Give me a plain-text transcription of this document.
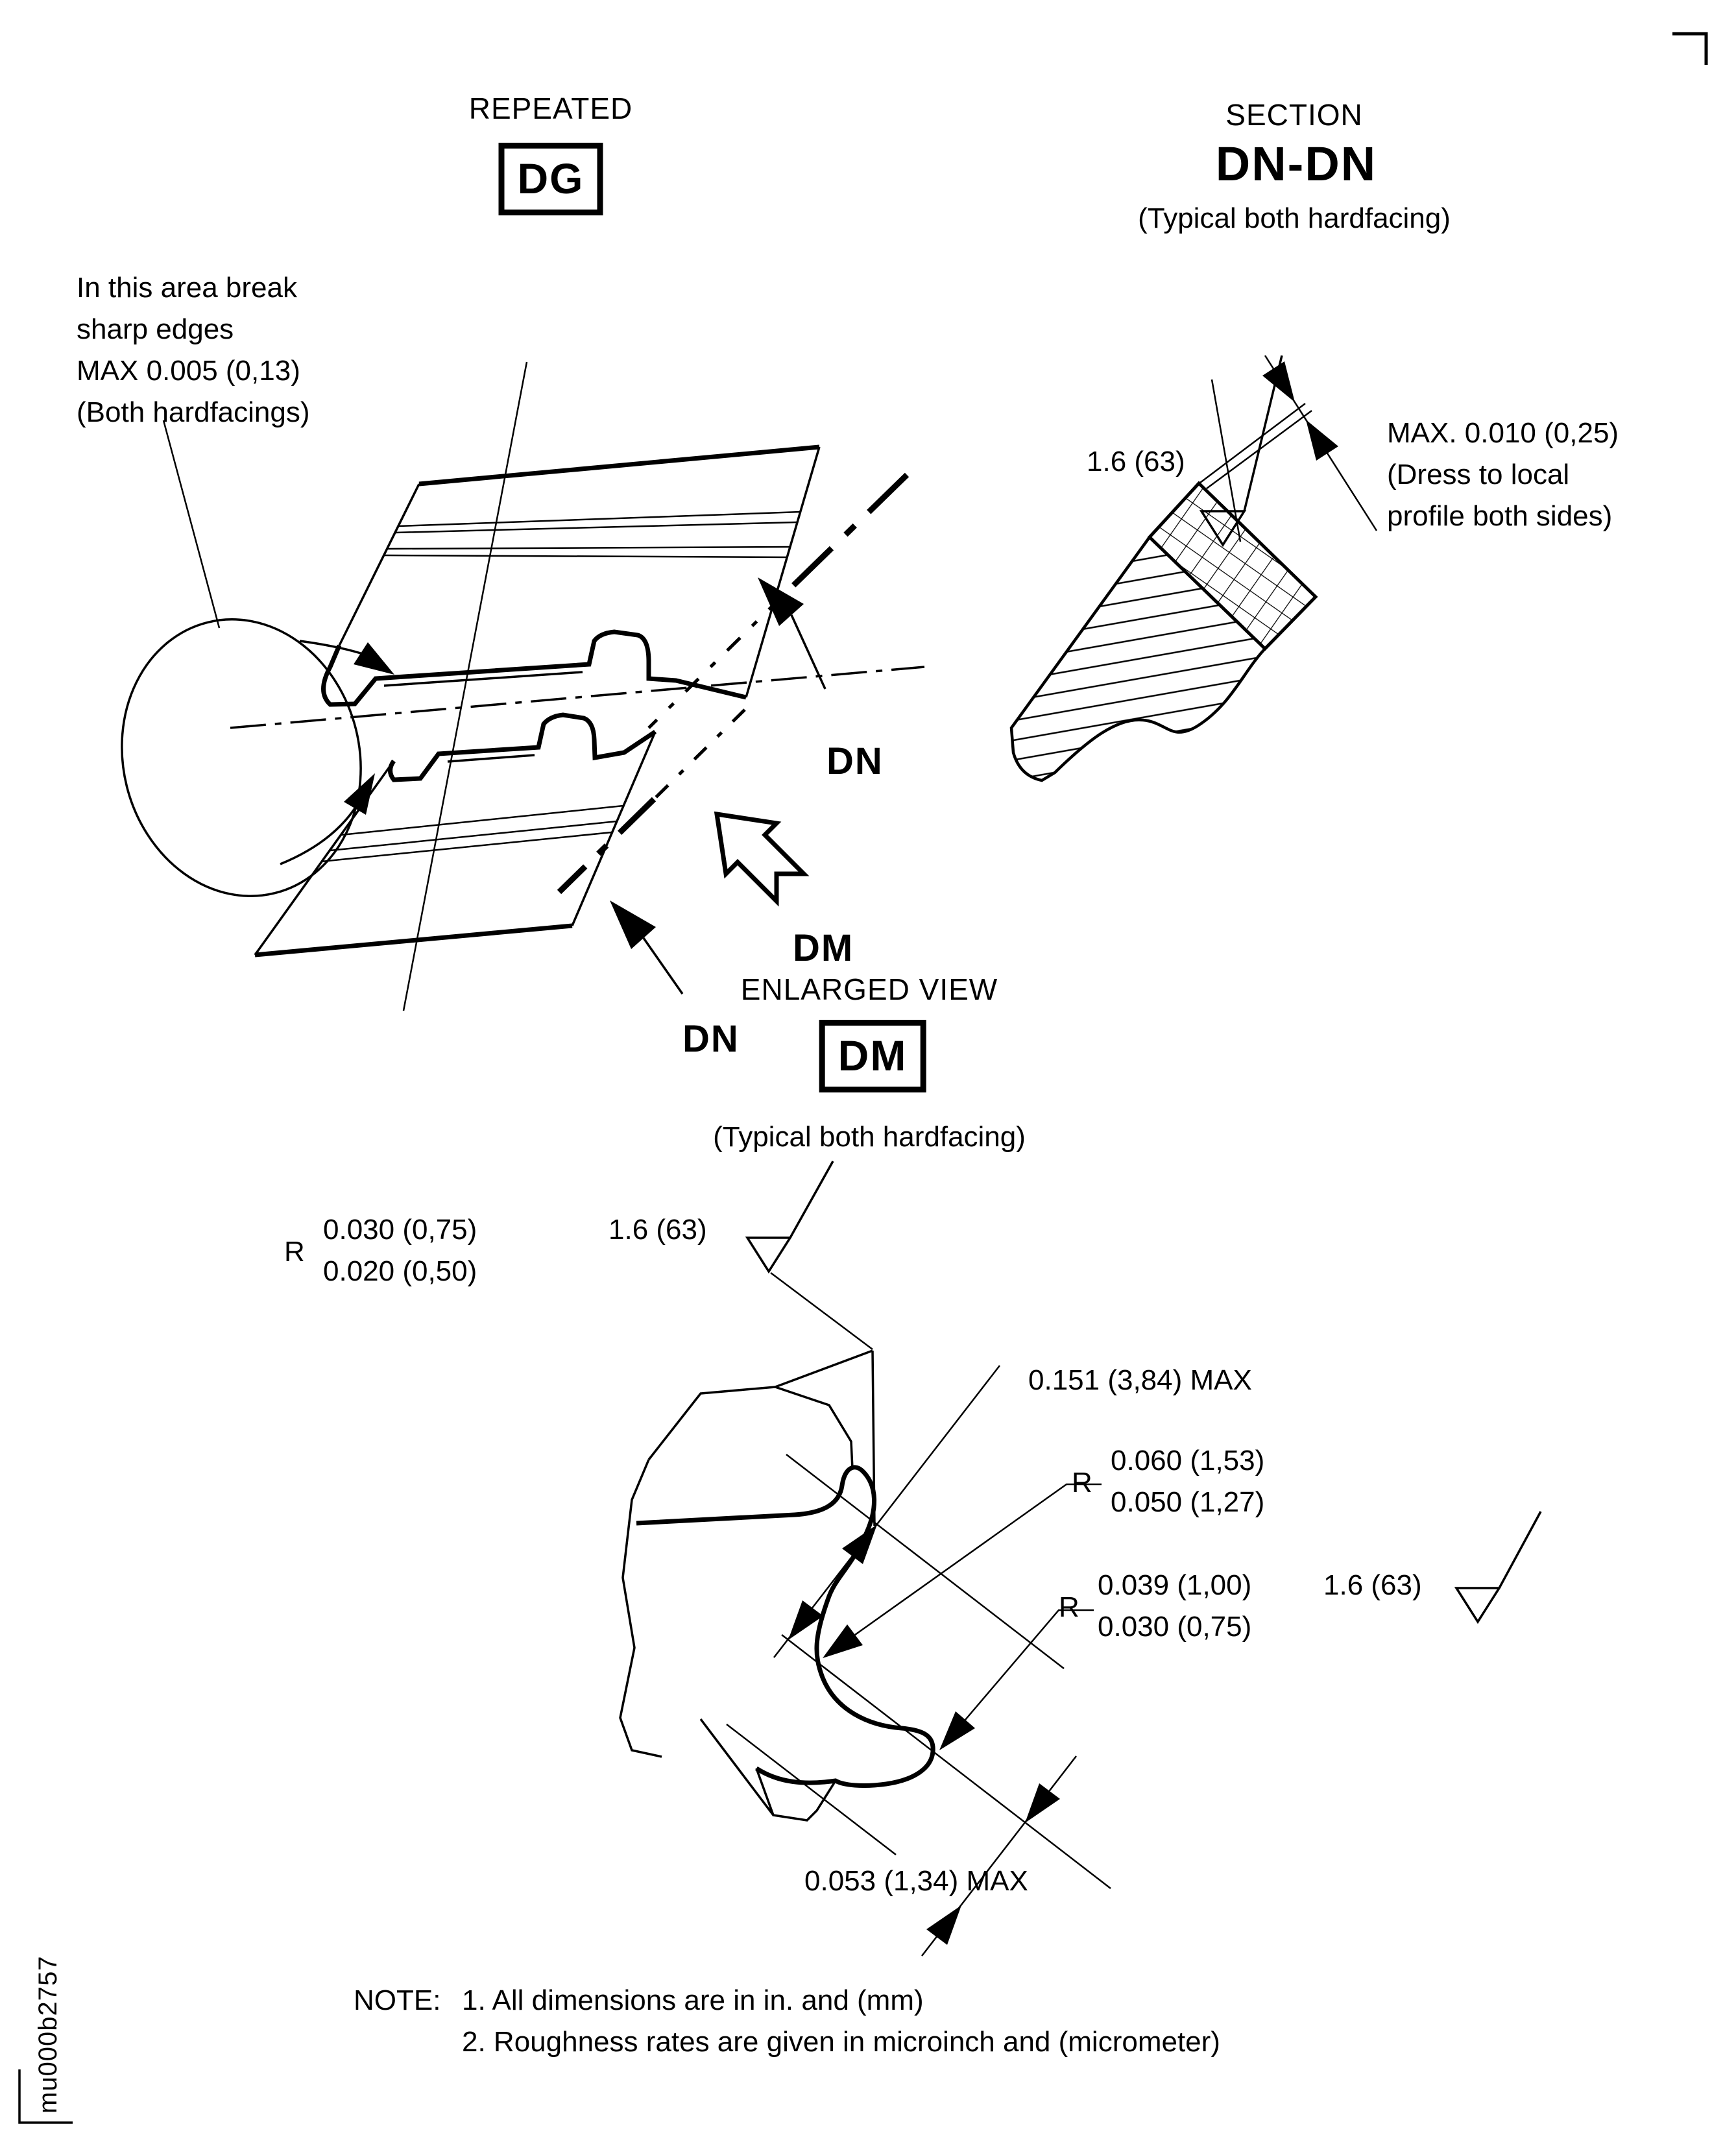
REPEATED
DG
SECTION
DN-DN
(Typical both hardfacing)
In this area break
sharp edges
MAX 0.005 (0,13)
(Both hardfacings)
1.6 (63)
MAX. 0.010 (0,25)
(Dress to local
profile both sides)
DN
DM
DN
ENLARGED VIEW
DM
(Typical both hardfacing)
R
0.030 (0,75)
0.020 (0,50)
1.6 (63)
0.151 (3,84) MAX
R
0.060 (1,53)
0.050 (1,27)
R
0.039 (1,00)
0.030 (0,75)
1.6 (63)
0.053 (1,34) MAX
NOTE: 1. All dimensions are in in. and (mm)
2. Roughness rates are given in microinch and (micrometer)
mu000b2757
